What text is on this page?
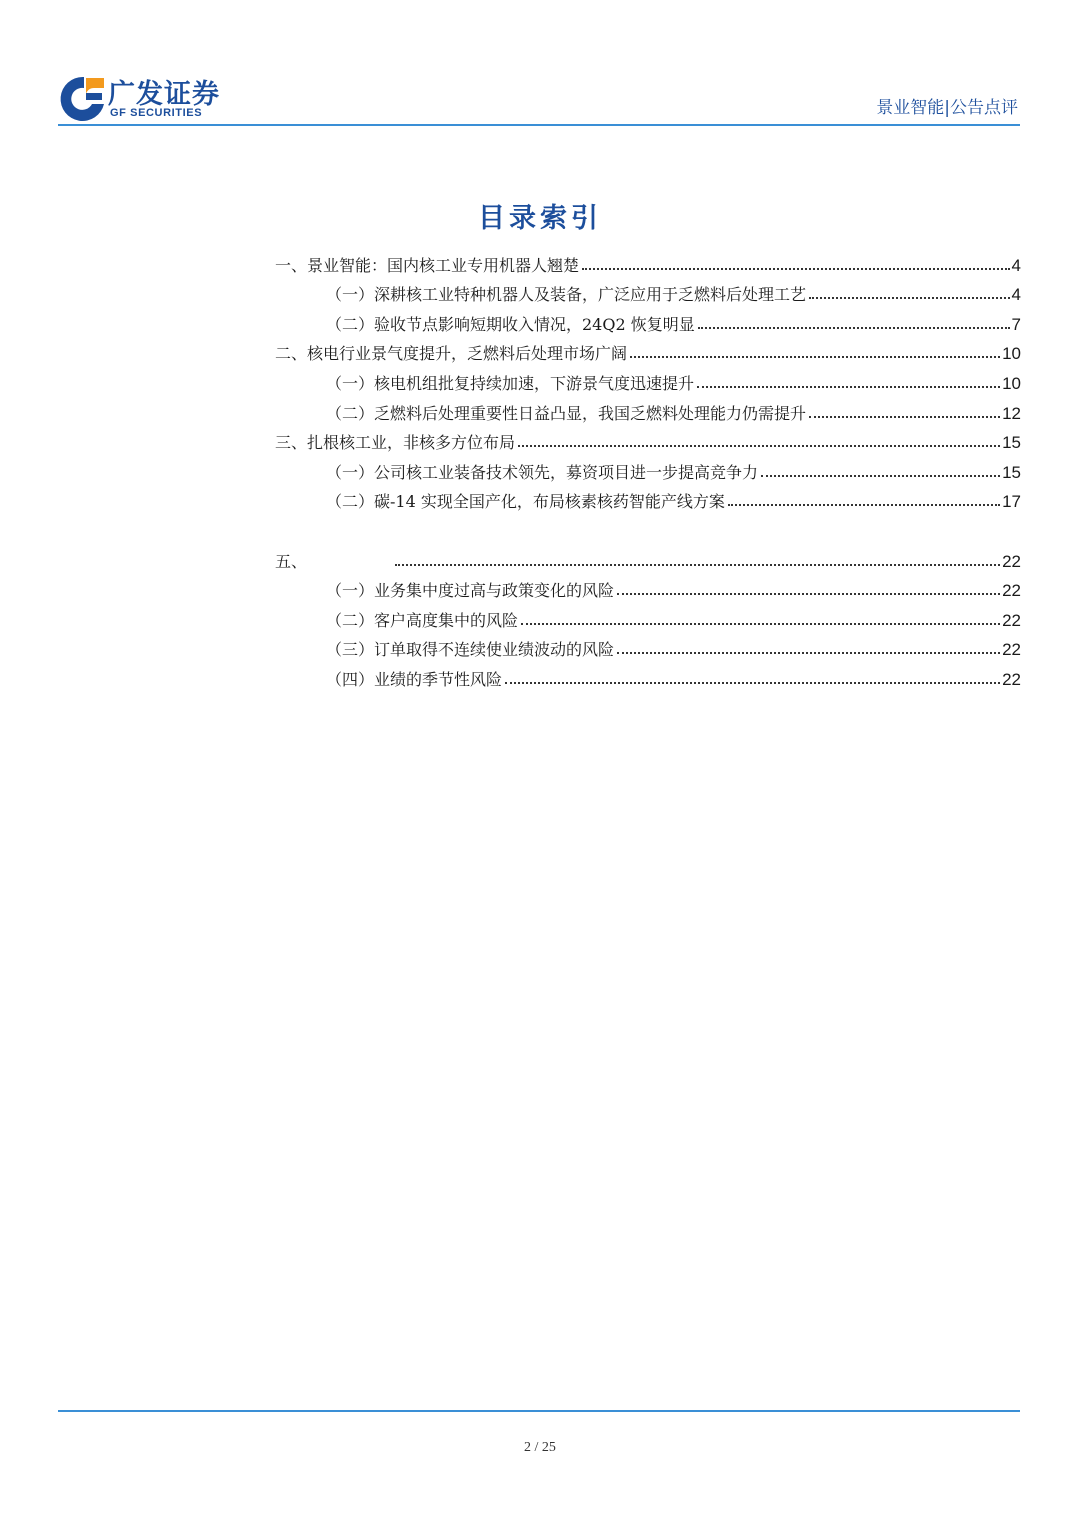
广发证券
GF SECURITIES	景业智能|公告点评
目录索引
一、景业智能：国内核工业专用机器人翘楚	4
（一）深耕核工业特种机器人及装备，广泛应用于乏燃料后处理工艺	4
（二）验收节点影响短期收入情况，24Q2 恢复明显	7
二、核电行业景气度提升，乏燃料后处理市场广阔	10
（一）核电机组批复持续加速，下游景气度迅速提升	10
（二）乏燃料后处理重要性日益凸显，我国乏燃料处理能力仍需提升	12
三、扎根核工业，非核多方位布局	15
（一）公司核工业装备技术领先，募资项目进一步提高竞争力	15
（二）碳-14 实现全国产化，布局核素核药智能产线方案	17
五、	22
（一）业务集中度过高与政策变化的风险	22
（二）客户高度集中的风险	22
（三）订单取得不连续使业绩波动的风险	22
（四）业绩的季节性风险	22
2 / 25
